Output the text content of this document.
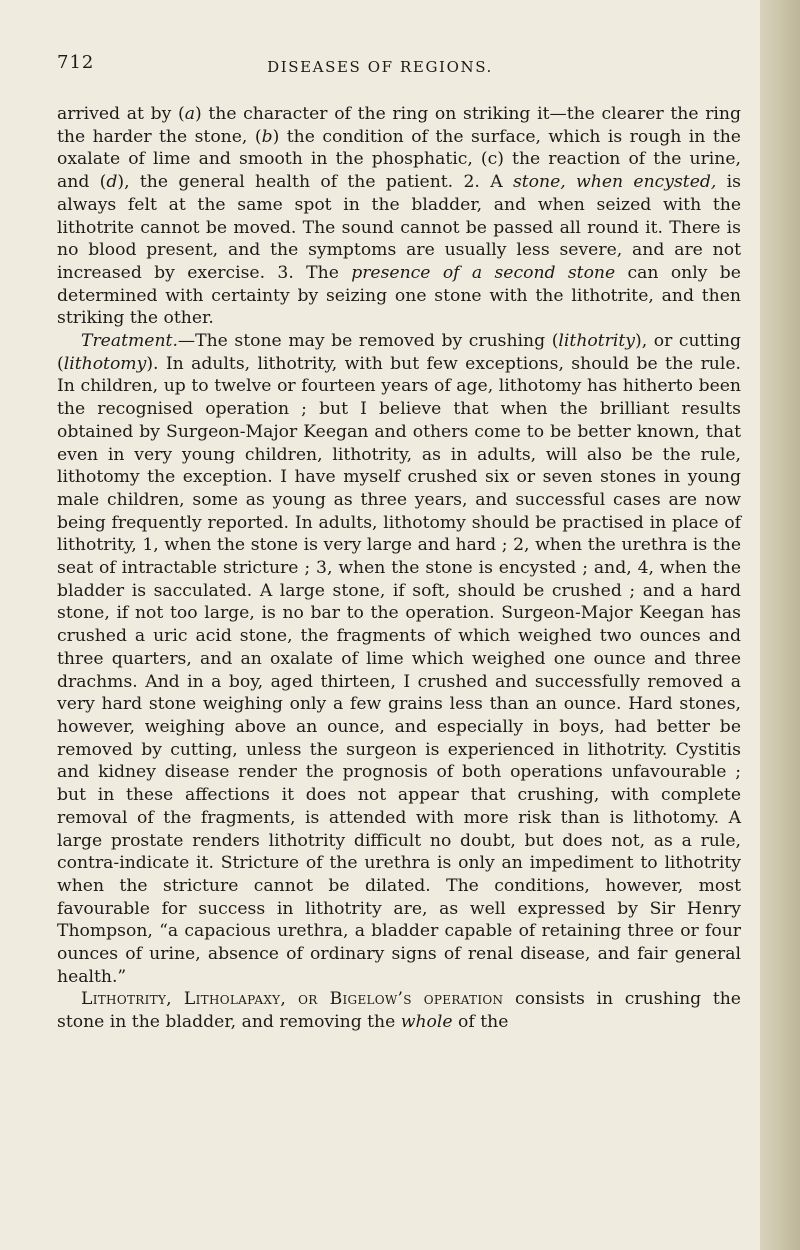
712	DISEASES OF REGIONS.

arrived at by (a) the character of the ring on striking it—the clearer the ring the harder the stone, (b) the condition of the surface, which is rough in the oxalate of lime and smooth in the phosphatic, (c) the reaction of the urine, and (d), the general health of the patient. 2. A stone, when encysted, is always felt at the same spot in the bladder, and when seized with the lithotrite cannot be moved. The sound cannot be passed all round it. There is no blood present, and the symptoms are usually less severe, and are not increased by exercise. 3. The presence of a second stone can only be determined with certainty by seizing one stone with the lithotrite, and then striking the other.

Treatment.—The stone may be removed by crushing (lithotrity), or cutting (lithotomy). In adults, lithotrity, with but few exceptions, should be the rule. In children, up to twelve or fourteen years of age, lithotomy has hitherto been the recognised operation ; but I believe that when the brilliant results obtained by Surgeon-Major Keegan and others come to be better known, that even in very young children, lithotrity, as in adults, will also be the rule, lithotomy the exception. I have myself crushed six or seven stones in young male children, some as young as three years, and successful cases are now being frequently reported. In adults, lithotomy should be practised in place of lithotrity, 1, when the stone is very large and hard ; 2, when the urethra is the seat of intractable stricture ; 3, when the stone is encysted ; and, 4, when the bladder is sacculated. A large stone, if soft, should be crushed ; and a hard stone, if not too large, is no bar to the operation. Surgeon-Major Keegan has crushed a uric acid stone, the fragments of which weighed two ounces and three quarters, and an oxalate of lime which weighed one ounce and three drachms. And in a boy, aged thirteen, I crushed and successfully removed a very hard stone weighing only a few grains less than an ounce. Hard stones, however, weighing above an ounce, and especially in boys, had better be removed by cutting, unless the surgeon is experienced in lithotrity. Cystitis and kidney disease render the prognosis of both operations unfavourable ; but in these affections it does not appear that crushing, with complete removal of the fragments, is attended with more risk than is lithotomy. A large prostate renders lithotrity difficult no doubt, but does not, as a rule, contra-indicate it. Stricture of the urethra is only an impediment to lithotrity when the stricture cannot be dilated. The conditions, however, most favourable for success in lithotrity are, as well expressed by Sir Henry Thompson, “a capacious urethra, a bladder capable of retaining three or four ounces of urine, absence of ordinary signs of renal disease, and fair general health.”

Lithotrity, Litholapaxy, or Bigelow’s operation consists in crushing the stone in the bladder, and removing the whole of the
